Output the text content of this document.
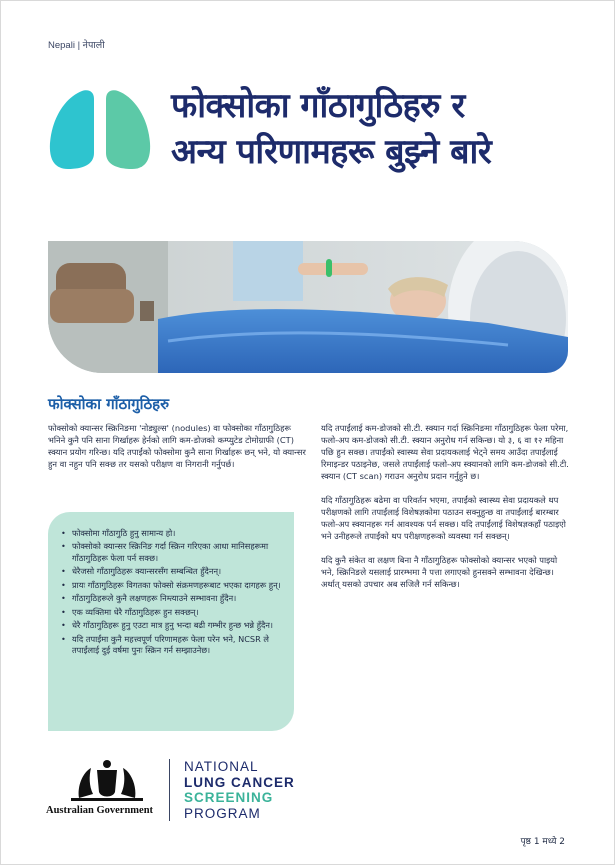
Nepali | नेपाली
फोक्सोका गाँठागुठिहरु र
अन्य परिणामहरू बुझ्ने बारे
फोक्सोका गाँठागुठिहरु
फोक्सोको क्यान्सर स्क्रिनिङमा 'नोड्युल्स' (nodules) वा फोक्सोका गाँठागुठिहरू भनिने कुनै पनि साना गिर्खाहरू हेर्नको लागि कम-डोजको कम्प्युटेड टोमोग्राफी (CT) स्क्यान प्रयोग गरिन्छ। यदि तपाईंको फोक्सोमा कुनै साना गिर्खाहरू छन् भने, यो क्यान्सर हुन वा नहुन पनि सक्छ तर यसको परीक्षण वा निगरानी गर्नुपर्छ।
• फोक्सोमा गाँठागुठि हुनु सामान्य हो।
• फोक्सोको क्यान्सर स्क्रिनिङ गर्दा स्क्रिन गरिएका आधा मानिसहरूमा गाँठागुठिहरू फेला पर्न सक्छ।
• धेरैजसो गाँठागुठिहरू क्यान्सरसँग सम्बन्धित हुँदैनन्।
• प्रायः गाँठागुठिहरू विगतका फोक्सो संक्रमणहरूबाट भएका दागहरू हुन्।
• गाँठागुठिहरूले कुनै लक्षणहरू निम्त्याउने सम्भावना हुँदैन।
• एक व्यक्तिमा धेरै गाँठागुठिहरू हुन सक्छन्।
• धेरै गाँठागुठिहरू हुनु एउटा मात्र हुनु भन्दा बढी गम्भीर हुन्छ भन्ने हुँदैन।
• यदि तपाईंमा कुनै महत्त्वपूर्ण परिणामहरू फेला परेन भने, NCSR ले तपाईंलाई दुई वर्षमा पुनः स्क्रिन गर्न सम्झाउनेछ।

यदि तपाईंलाई कम-डोजको सी.टी. स्क्यान गर्दा स्क्रिनिङमा गाँठागुठिहरू फेला परेमा, फलो-अप कम-डोजको सी.टी. स्क्यान अनुरोध गर्न सकिन्छ। यो ३, ६ वा १२ महिना पछि हुन सक्छ। तपाईंको स्वास्थ्य सेवा प्रदायकलाई भेट्ने समय आउँदा तपाईंलाई रिमाइन्डर पठाइनेछ, जसले तपाईंलाई फलो-अप स्क्यानको लागि कम-डोजको सी.टी. स्क्यान (CT scan) गराउन अनुरोध प्रदान गर्नुहुने छ।

यदि गाँठागुठिहरू बढेमा वा परिवर्तन भएमा, तपाईंको स्वास्थ्य सेवा प्रदायकले थप परीक्षणको लागि तपाईंलाई विशेषज्ञकोमा पठाउन सक्नुहुन्छ वा तपाईंलाई बारम्बार फलो-अप स्क्यानहरू गर्न आवश्यक पर्न सक्छ। यदि तपाईंलाई विशेषज्ञकहाँ पठाइएो भने उनीहरूले तपाईंको थप परीक्षणहरूको व्यवस्था गर्न सक्छन्।

यदि कुनै संकेत वा लक्षण बिना नै गाँठागुठिहरू फोक्सोको क्यान्सर भएको पाइयो भने, स्क्रिनिङले यसलाई प्रारम्भमा नै पत्ता लगाएको हुनसक्ने सम्भावना देखिन्छ। अर्थात् यसको उपचार अब सजिलै गर्न सकिन्छ।

Australian Government
NATIONAL
LUNG CANCER
SCREENING
PROGRAM
पृष्ठ 1 मध्ये 2
